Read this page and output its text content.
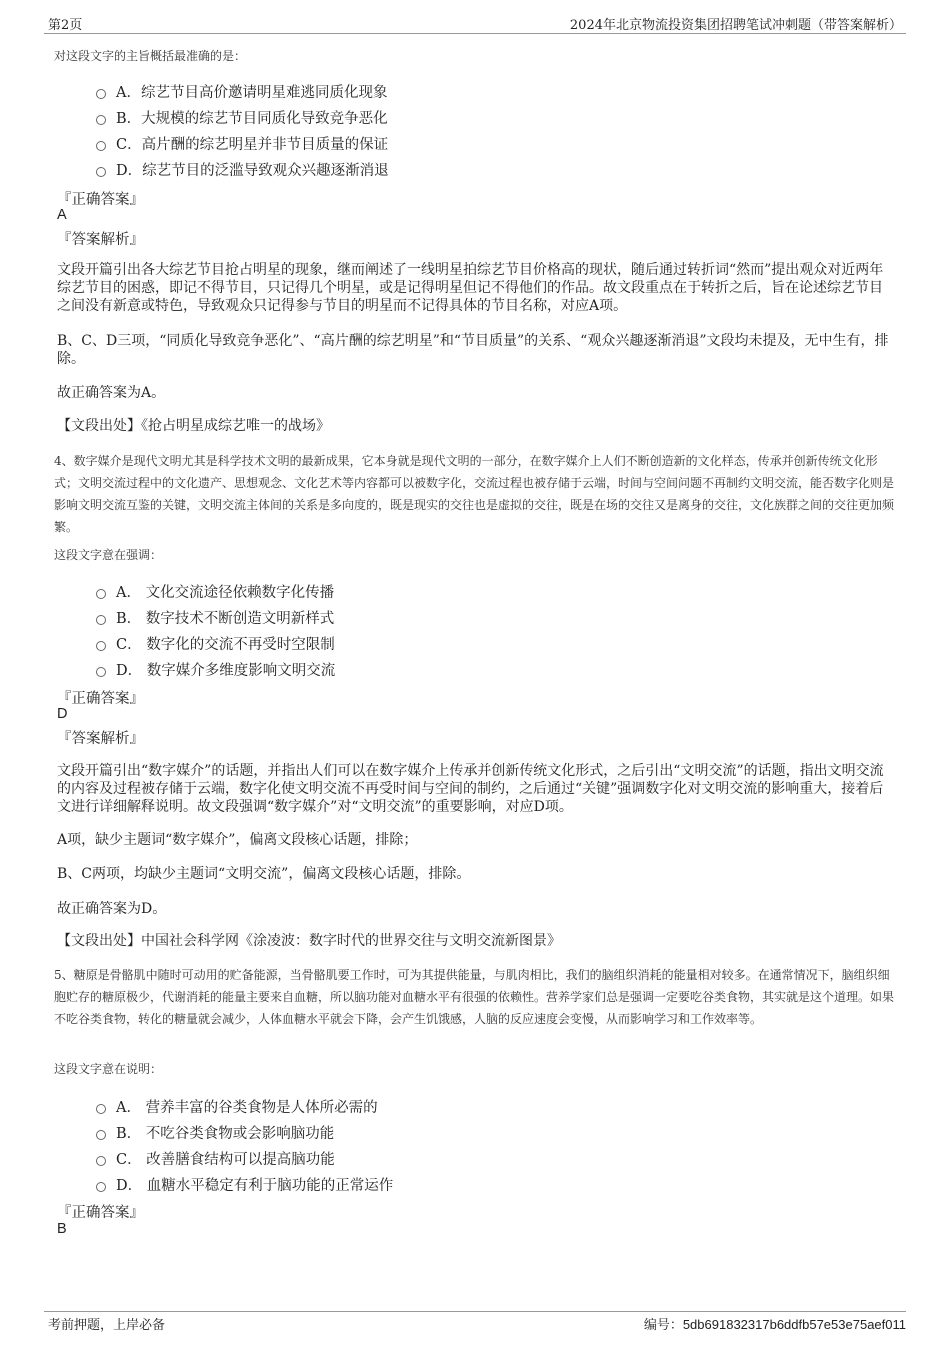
第2页	2024年北京物流投资集团招聘笔试冲刺题（带答案解析）
对这段文字的主旨概括最准确的是：
A．综艺节目高价邀请明星难逃同质化现象
B．大规模的综艺节目同质化导致竞争恶化
C．高片酬的综艺明星并非节目质量的保证
D．综艺节目的泛滥导致观众兴趣逐渐消退
『正确答案』
A
『答案解析』
文段开篇引出各大综艺节目抢占明星的现象，继而阐述了一线明星拍综艺节目价格高的现状，随后通过转折词“然而”提出观众对近两年综艺节目的困惑，即记不得节目，只记得几个明星，或是记得明星但记不得他们的作品。故文段重点在于转折之后，旨在论述综艺节目之间没有新意或特色，导致观众只记得参与节目的明星而不记得具体的节目名称，对应A项。
B、C、D三项，“同质化导致竞争恶化”、“高片酬的综艺明星”和“节目质量”的关系、“观众兴趣逐渐消退”文段均未提及，无中生有，排除。
故正确答案为A。
【文段出处】《抢占明星成综艺唯一的战场》
4、数字媒介是现代文明尤其是科学技术文明的最新成果，它本身就是现代文明的一部分，在数字媒介上人们不断创造新的文化样态，传承并创新传统文化形式；文明交流过程中的文化遗产、思想观念、文化艺术等内容都可以被数字化，交流过程也被存储于云端，时间与空间问题不再制约文明交流，能否数字化则是影响文明交流互鉴的关键，文明交流主体间的关系是多向度的，既是现实的交往也是虚拟的交往，既是在场的交往又是离身的交往，文化族群之间的交往更加频繁。
这段文字意在强调：
A． 文化交流途径依赖数字化传播
B． 数字技术不断创造文明新样式
C． 数字化的交流不再受时空限制
D． 数字媒介多维度影响文明交流
『正确答案』
D
『答案解析』
文段开篇引出“数字媒介”的话题，并指出人们可以在数字媒介上传承并创新传统文化形式，之后引出“文明交流”的话题，指出文明交流的内容及过程被存储于云端，数字化使文明交流不再受时间与空间的制约，之后通过“关键”强调数字化对文明交流的影响重大，接着后文进行详细解释说明。故文段强调“数字媒介”对“文明交流”的重要影响，对应D项。
A项，缺少主题词“数字媒介”，偏离文段核心话题，排除；
B、C两项，均缺少主题词“文明交流”，偏离文段核心话题，排除。
故正确答案为D。
【文段出处】中国社会科学网《涂凌波：数字时代的世界交往与文明交流新图景》
5、糖原是骨骼肌中随时可动用的贮备能源，当骨骼肌要工作时，可为其提供能量，与肌肉相比，我们的脑组织消耗的能量相对较多。在通常情况下，脑组织细胞贮存的糖原极少，代谢消耗的能量主要来自血糖，所以脑功能对血糖水平有很强的依赖性。营养学家们总是强调一定要吃谷类食物，其实就是这个道理。如果不吃谷类食物，转化的糖量就会减少，人体血糖水平就会下降，会产生饥饿感，人脑的反应速度会变慢，从而影响学习和工作效率等。
这段文字意在说明：
A． 营养丰富的谷类食物是人体所必需的
B． 不吃谷类食物或会影响脑功能
C． 改善膳食结构可以提高脑功能
D． 血糖水平稳定有利于脑功能的正常运作
『正确答案』
B
考前押题，上岸必备	编号：5db691832317b6ddfb57e53e75aef011
